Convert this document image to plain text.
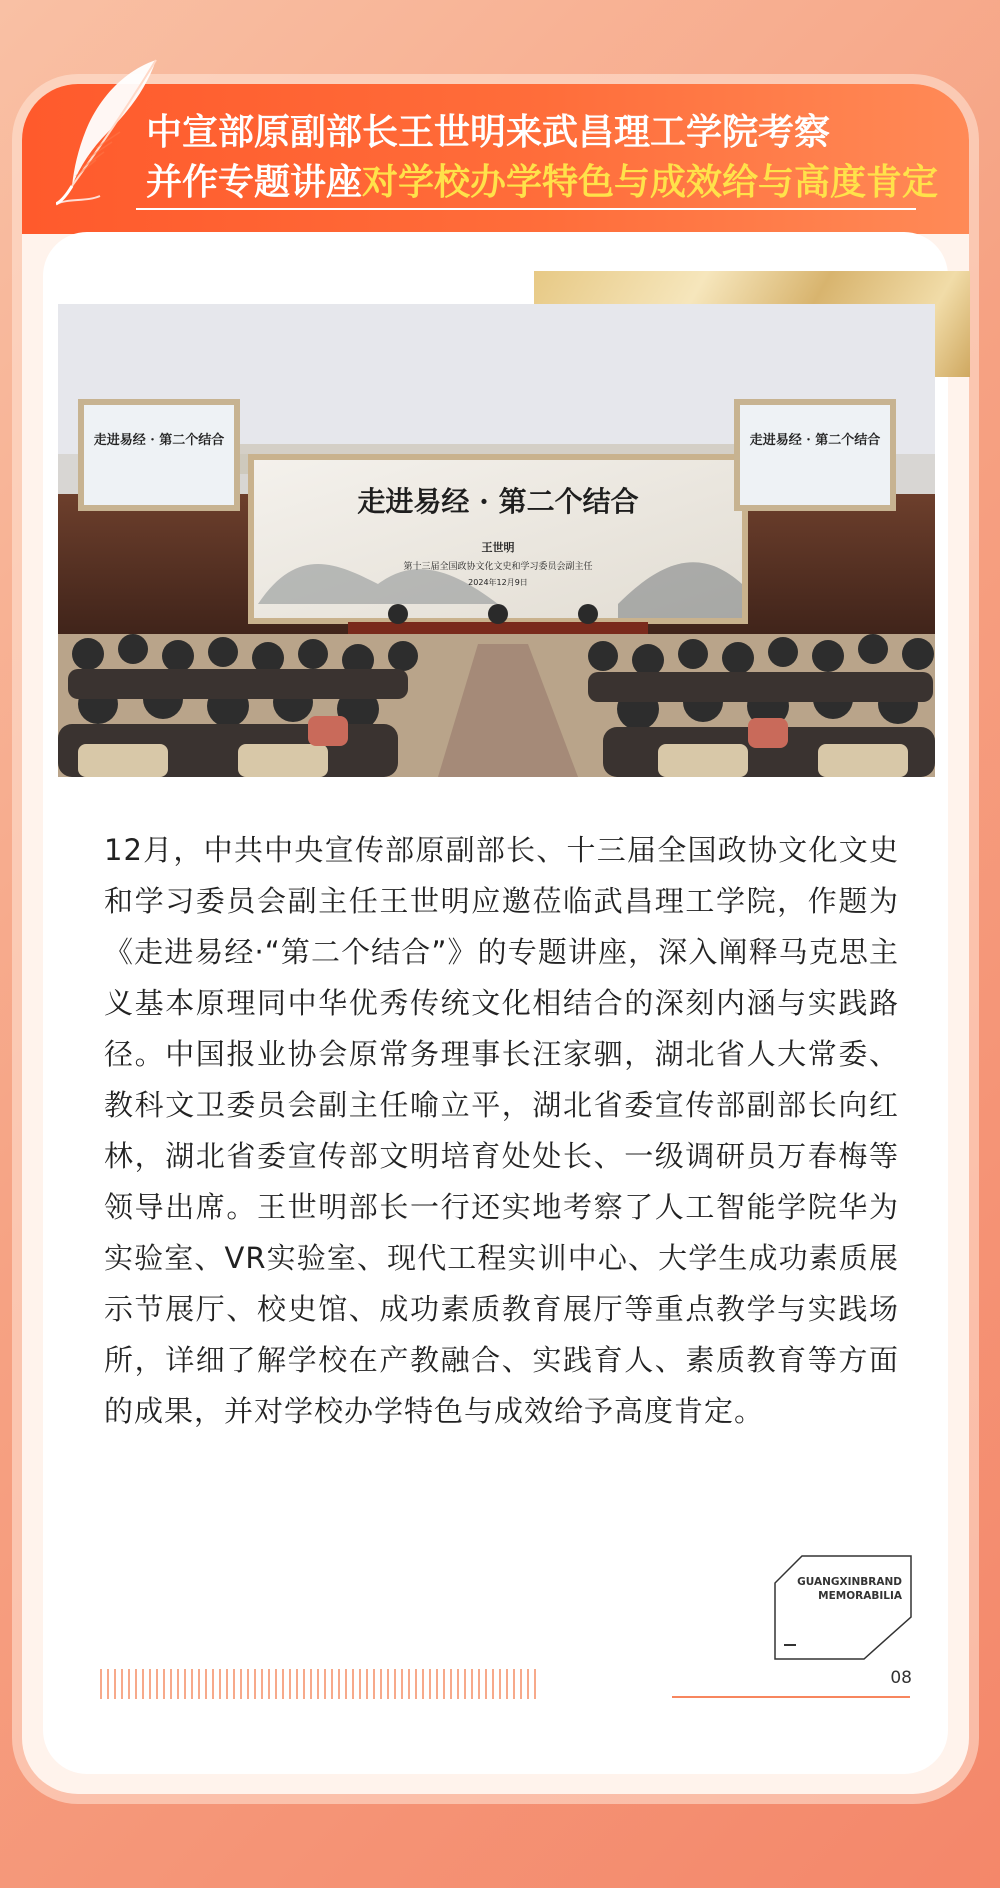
中宣部原副部长王世明来武昌理工学院考察
并作专题讲座对学校办学特色与成效给与高度肯定
走进易经 · 第二个结合
王世明
第十三届全国政协文化文史和学习委员会副主任
2024年12月9日
走进易经 · 第二个结合	走进易经 · 第二个结合
12月，中共中央宣传部原副部长、十三届全国政协文化文史和学习委员会副主任王世明应邀莅临武昌理工学院，作题为《走进易经·“第二个结合”》的专题讲座，深入阐释马克思主义基本原理同中华优秀传统文化相结合的深刻内涵与实践路径。中国报业协会原常务理事长汪家驷，湖北省人大常委、教科文卫委员会副主任喻立平，湖北省委宣传部副部长向红林，湖北省委宣传部文明培育处处长、一级调研员万春梅等领导出席。王世明部长一行还实地考察了人工智能学院华为实验室、VR实验室、现代工程实训中心、大学生成功素质展示节展厅、校史馆、成功素质教育展厅等重点教学与实践场所，详细了解学校在产教融合、实践育人、素质教育等方面的成果，并对学校办学特色与成效给予高度肯定。
GUANGXINBRAND
MEMORABILIA
08
